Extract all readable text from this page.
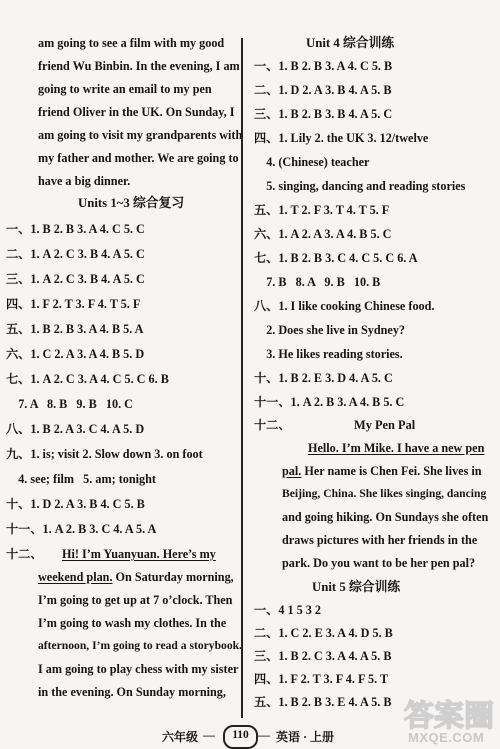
am going to see a film with my good
friend Wu Binbin. In the evening, I am
going to write an email to my pen
friend Oliver in the UK. On Sunday, I
am going to visit my grandparents with
my father and mother. We are going to
have a big dinner.
Units 1~3 综合复习
一、1. B 2. B 3. A 4. C 5. C
二、1. A 2. C 3. B 4. A 5. C
三、1. A 2. C 3. B 4. A 5. C
四、1. F 2. T 3. F 4. T 5. F
五、1. B 2. B 3. A 4. B 5. A
六、1. C 2. A 3. A 4. B 5. D
七、1. A 2. C 3. A 4. C 5. C 6. B
7. A   8. B   9. B   10. C
八、1. B 2. A 3. C 4. A 5. D
九、1. is; visit 2. Slow down 3. on foot
4. see; film   5. am; tonight
十、1. D 2. A 3. B 4. C 5. B
十一、1. A 2. B 3. C 4. A 5. A
十二、 Hi! I’m Yuanyuan. Here’s my
weekend plan. On Saturday morning,
I’m going to get up at 7 o’clock. Then
I’m going to wash my clothes. In the
afternoon, I’m going to read a storybook.
I am going to play chess with my sister
in the evening. On Sunday morning,
Unit 4 综合训练
一、1. B 2. B 3. A 4. C 5. B
二、1. D 2. A 3. B 4. A 5. B
三、1. B 2. B 3. B 4. A 5. C
四、1. Lily 2. the UK 3. 12/twelve
4. (Chinese) teacher
5. singing, dancing and reading stories
五、1. T 2. F 3. T 4. T 5. F
六、1. A 2. A 3. A 4. B 5. C
七、1. B 2. B 3. C 4. C 5. C 6. A
7. B   8. A   9. B   10. B
八、1. I like cooking Chinese food.
2. Does she live in Sydney?
3. He likes reading stories.
十、1. B 2. E 3. D 4. A 5. C
十一、1. A 2. B 3. A 4. B 5. C
十二、	My Pen Pal
Hello. I’m Mike. I have a new pen
pal. Her name is Chen Fei. She lives in
Beijing, China. She likes singing, dancing
and going hiking. On Sundays she often
draws pictures with her friends in the
park. Do you want to be her pen pal?
Unit 5 综合训练
一、4 1 5 3 2
二、1. C 2. E 3. A 4. D 5. B
三、1. B 2. C 3. A 4. A 5. B
四、1. F 2. T 3. F 4. F 5. T
五、1. B 2. B 3. E 4. A 5. B
六年级 —	110 — 英语 · 上册
答案圈
MXQE.COM
